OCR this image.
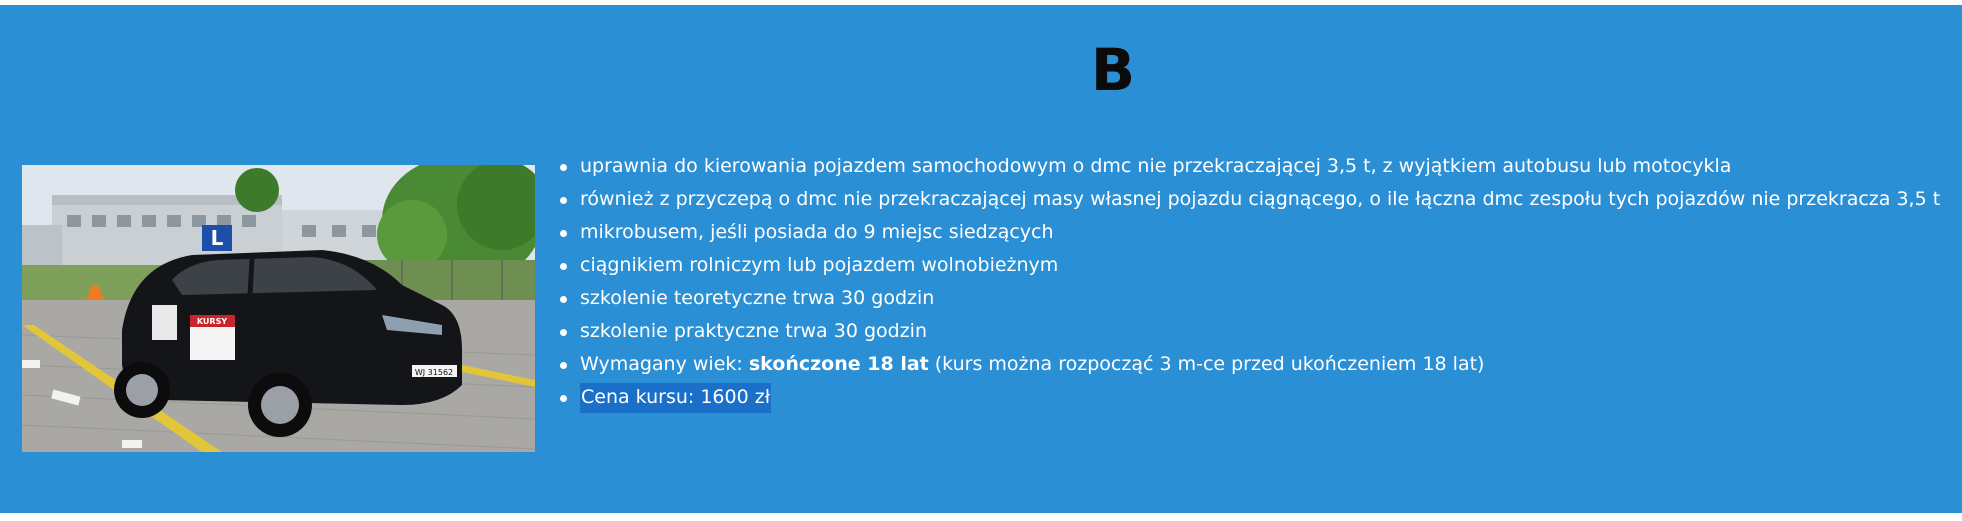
B
KURSY
L
WJ 31562
uprawnia do kierowania pojazdem samochodowym o dmc nie przekraczającej 3,5 t, z wyjątkiem autobusu lub motocykla
również z przyczepą o dmc nie przekraczającej masy własnej pojazdu ciągnącego, o ile łączna dmc zespołu tych pojazdów nie przekracza 3,5 t
mikrobusem, jeśli posiada do 9 miejsc siedzących
ciągnikiem rolniczym lub pojazdem wolnobieżnym
szkolenie teoretyczne trwa 30 godzin
szkolenie praktyczne trwa 30 godzin
Wymagany wiek: skończone 18 lat (kurs można rozpocząć 3 m-ce przed ukończeniem 18 lat)
Cena kursu: 1600 zł
